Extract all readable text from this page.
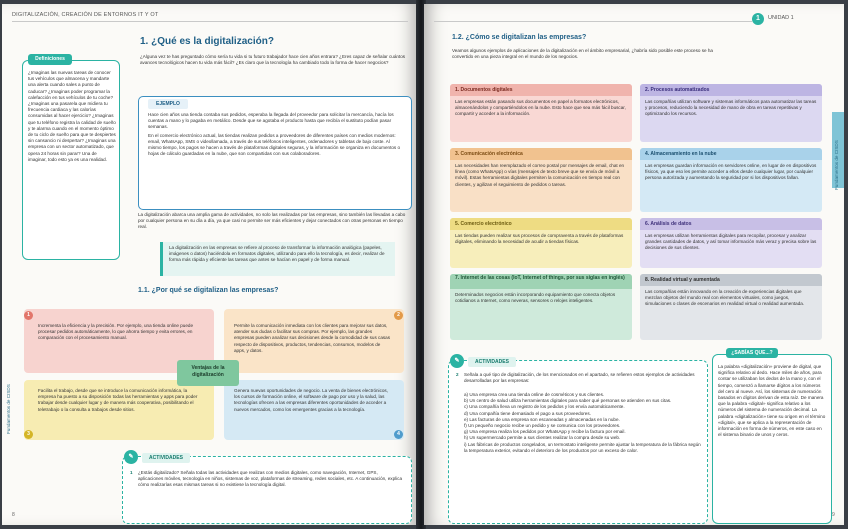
DIGITALIZACIÓN, CREACIÓN DE ENTORNOS IT Y OT
1. ¿Qué es la digitalización?
¿Alguna vez te has preguntado cómo sería tu vida si tu futuro trabajador hace cien años entrara? ¿Eres capaz de señalar cuántos avances tecnológicos hacen tu vida más fácil? ¿Es claro que la tecnología ha cambiado todo la forma de hacer negocios?
Definiciones
¿Imaginas las nuevas tareas de conocer tus vehículos que almacena y mandarte una alerta cuando sales a punto de caducar? ¿Imaginas poder programar la calefacción en tus vehículos de tu coche? ¿Imaginas una pasarela que midiera tu frecuencia cardiaca y las calorías consumidas al hacer ejercicio? ¿Imaginas que tu teléfono registra la calidad de sueño y te alarma cuando en el momento óptimo de tu ciclo de sueño para que te despiertes sin cansancio ni despertar? ¿Imaginas una empresa con un sector automatizado, que opera 24 horas sin parar? Una de imaginar, todo esto ya es una realidad.
EJEMPLO
Hace cien años una tienda contaba sus pedidos, esperaba la llegada del proveedor para solicitar la mercancía, hacía los cuentas a mano y lo pagaba en metálico. Desde que se agotaba el producto hasta que recibía el sustituto podían pasar semanas.
En el comercio electrónico actual, las tiendas realizan pedidos a proveedores de diferentes países con medios modernos: email, WhatsApp, SMS o videollamada, a través de sus teléfonos inteligentes, ordenadores y tabletas de bajo coste. Al mismo tiempo, los pagos se hacen a través de plataformas digitales seguras, y la información se organiza en documentos o hojas de cálculo guardadas en la nube, que son compartidas con sus colaboradores.
La digitalización abarca una amplia gama de actividades, no solo las realizadas por las empresas, sino también las llevadas a cabo por cualquier persona en su día a día, ya que casi no permite ser más eficientes y dejar conectados con otras personas en tiempo real.
La digitalización en las empresas se refiere al proceso de transformar la información analógica (papeles, imágenes o datos) haciéndola en formatos digitales, utilizando para ello la tecnología, es decir, realizar de forma más rápida y eficiente las tareas que antes se hacían en papel y de forma manual.
1.1. ¿Por qué se digitalizan las empresas?
Incrementa la eficiencia y la precisión. Por ejemplo, una tienda online puede procesar pedidos automáticamente, lo que ahorra tiempo y evita errores, en comparación con el procesamiento manual.
1
Permite la comunicación inmediata con los clientes para mejorar sus datos, atender sus dudas o facilitar sus compras. Por ejemplo, las grandes empresas pueden analizar sus decisiones desde la comodidad de sus casas respecto de dispositivos, productos, tendencias, consumos, modelos de apps, y datos.
2
Facilita el trabajo, desde que se introduce la comunicación informática, la empresa ha puesto a su disposición todas las herramientas y apps para poder trabajar desde cualquier lugar y de manera más cooperativa, posibilitando el teletrabajo o la consulta a trabajos desde sitios.
3
Genera nuevas oportunidades de negocio. La venta de bienes electrónicos, los cursos de formación online, el software de pago por uso y la salud, las tecnologías ofrecen a las empresas diferentes oportunidades de acceder a nuevos mercados, como los emergentes gracias a la tecnología.
4
Ventajas de la digitalización
✎	ACTIVIDADES
1 ¿Estás digitalizado? Señala todas las actividades que realizas con medios digitales, como navegación, Internet, GPS, aplicaciones móviles, tecnología en niños, sistemas de voz, plataformas de streaming, redes sociales, etc. A continuación, explica cómo realizarías esas mismas tareas si no existiese la tecnología digital.
Fundamentos de CISDS
8
1	UNIDAD 1
1.2. ¿Cómo se digitalizan las empresas?
Veamos algunos ejemplos de aplicaciones de la digitalización en el ámbito empresarial, ¿habría sido posible este proceso se ha convertido en una pieza integral en el mundo de los negocios.
1. Documentos digitales
Las empresas están pasando sus documentos en papel a formatos electrónicos, almacenándolos y compartiéndolos en la nube. Esto hace que sea más fácil buscar, compartir y acceder a la información.
2. Procesos automatizados
Las compañías utilizan software y sistemas informáticos para automatizar las tareas y procesos, reduciendo la necesidad de mano de obra en tareas repetitivas y optimizando los recursos.
3. Comunicación electrónica
Las necesidades han reemplazado el correo postal por mensajes de email, chat en línea (como WhatsApp) o vías (mensajes de texto breve que se envía de móvil a móvil). Estas herramientas digitales permiten la comunicación en tiempo real con clientes, y agilizan el seguimiento de pedidos o tareas.
4. Almacenamiento en la nube
Las empresas guardan información en servidores online, en lugar de en dispositivos físicos, ya que eso les permite acceder a ellos desde cualquier lugar, por cualquier persona autorizada y aumentando la seguridad por si los dispositivos fallan.
5. Comercio electrónico
Las tiendas pueden realizar sus procesos de compraventa a través de plataformas digitales, eliminando la necesidad de acudir a tiendas físicas.
6. Análisis de datos
Las empresas utilizan herramientas digitales para recopilar, procesar y analizar grandes cantidades de datos, y así tomar información más veraz y precisa sobre las decisiones de sus clientes.
7. Internet de las cosas (IoT, Internet of things, por sus siglas en inglés)
Determinados negocios están incorporando equipamiento que conecta objetos cotidianos a Internet, como neveras, sensores o relojes inteligentes.
8. Realidad virtual y aumentada
Las compañías están innovando en la creación de experiencias digitales que mezclan objetos del mundo real con elementos virtuales, como juegos, simulaciones o clases de escenarios en realidad virtual o realidad aumentada.
✎	ACTIVIDADES
2 Señala a qué tipo de digitalización, de los mencionados en el apartado, se refieren estos ejemplos de actividades desarrolladas por las empresas:
a) Una empresa crea una tienda online de cosméticos y sus clientes.
b) Un centro de salud utiliza herramientas digitales para saber qué personas se atienden en sus citas.
c) Una compañía lleva un registro de los pedidos y los envía automáticamente.
d) Una compañía tiene demasiado el pago a sus proveedores.
e) Las facturas de una empresa son escaneadas y almacenadas en la nube.
f) Un pequeño negocio recibe un pedido y se comunica con los proveedores.
g) Una empresa realiza los pedidos por WhatsApp y recibe la factura por email.
h) Un supermercado permite a sus clientes realizar la compra desde su web.
i) Las fábricas de productos congelados, un termostato inteligente permite ajustar la temperatura de la fábrica según la temperatura exterior, evitando el deterioro de los productos por un exceso de calor.
¿SABÍAS QUE...?
La palabra «digitalización» proviene de digital, que significa relativo al dedo. Hace miles de años, para contar se utilizaban los dedos de la mano y, con el tiempo, comenzó a llamarse dígitos a los números del cero al nueve. Así, los sistemas de numeración basados en dígitos derivan de esta raíz. De manera que la palabra «digital» significa relativo a los números del sistema de numeración decimal. La palabra «digitalización» tiene su origen en el término «digital», que se aplica a la representación de información en forma de números, en este caso en el sistema binario de unos y ceros.
Fundamentos de CISDS
9
